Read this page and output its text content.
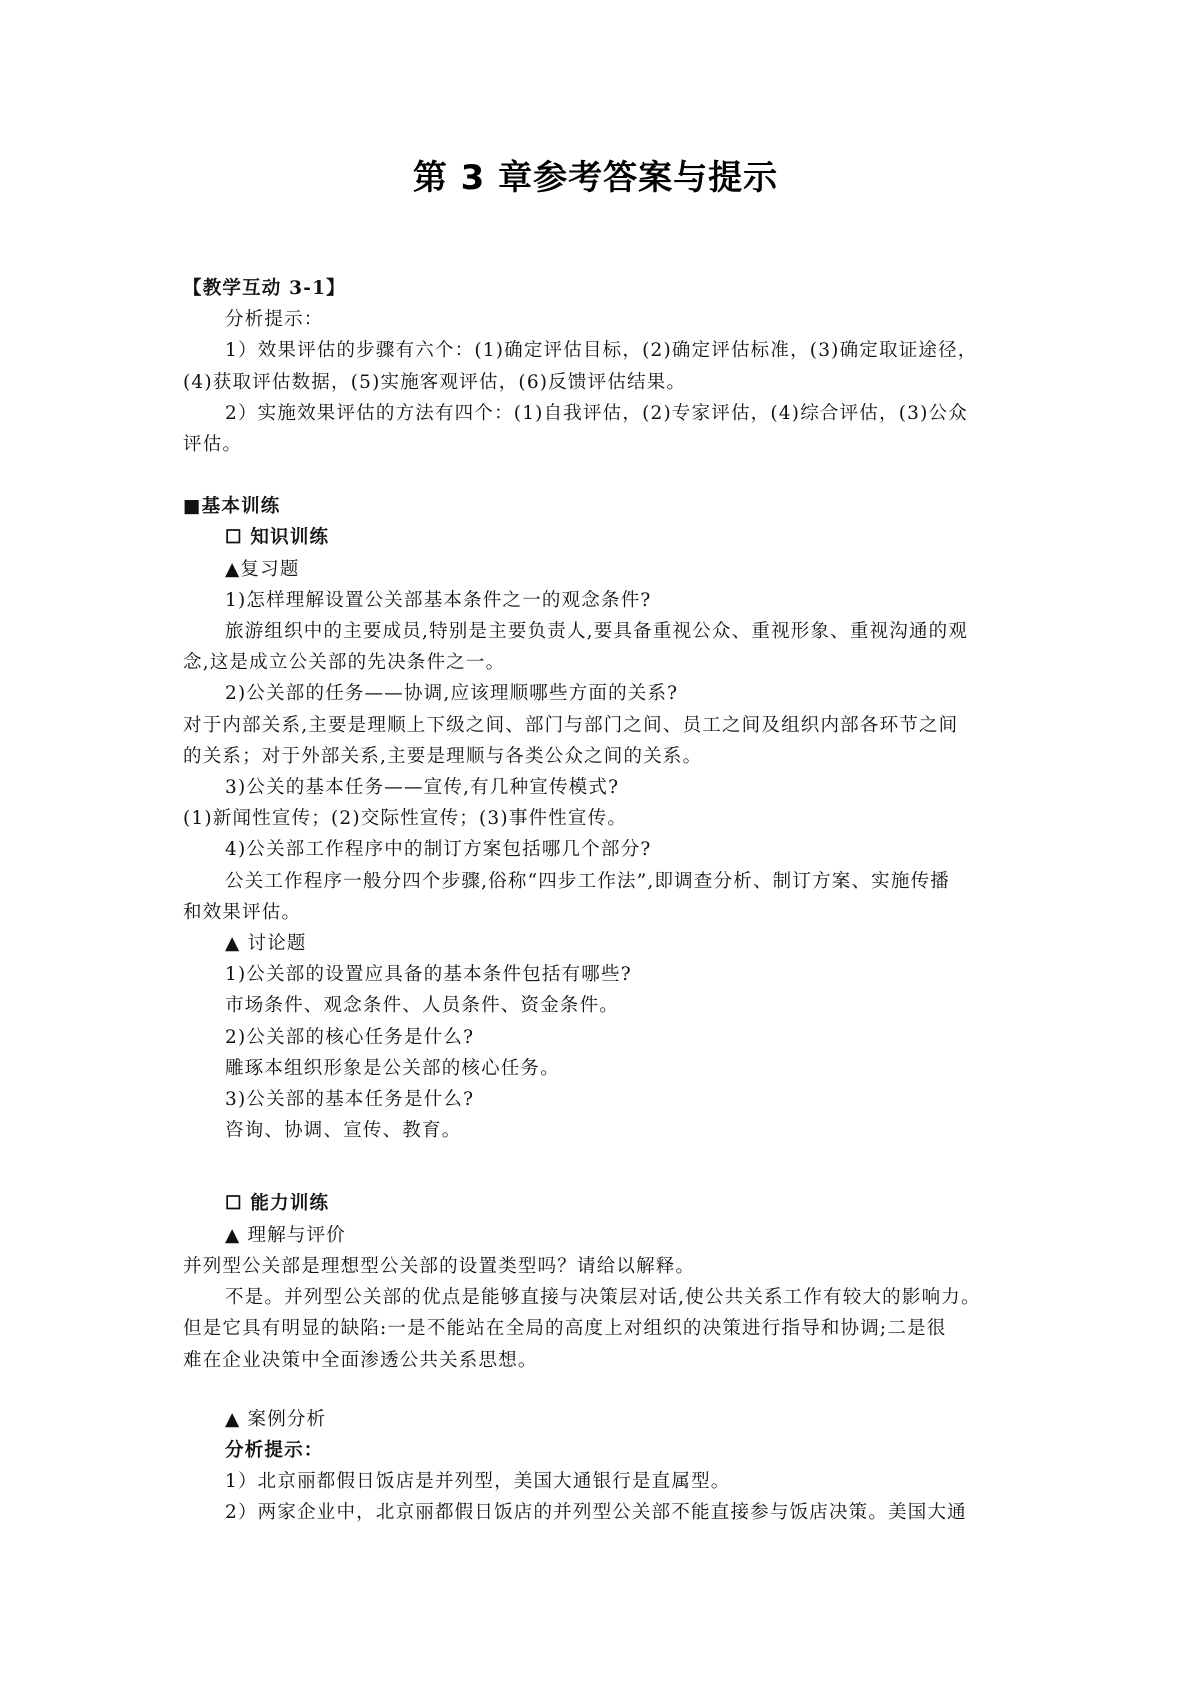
第 3 章参考答案与提示

【教学互动 3-1】

分析提示：

1）效果评估的步骤有六个：(1)确定评估目标，(2)确定评估标准，(3)确定取证途径，

(4)获取评估数据，(5)实施客观评估，(6)反馈评估结果。

2）实施效果评估的方法有四个：(1)自我评估，(2)专家评估，(4)综合评估，(3)公众

评估。

■基本训练

☐ 知识训练

▲复习题

1)怎样理解设置公关部基本条件之一的观念条件?

旅游组织中的主要成员,特别是主要负责人,要具备重视公众、重视形象、重视沟通的观

念,这是成立公关部的先决条件之一。

2)公关部的任务——协调,应该理顺哪些方面的关系?

对于内部关系,主要是理顺上下级之间、部门与部门之间、员工之间及组织内部各环节之间

的关系；对于外部关系,主要是理顺与各类公众之间的关系。

3)公关的基本任务——宣传,有几种宣传模式?

(1)新闻性宣传；(2)交际性宣传；(3)事件性宣传。

4)公关部工作程序中的制订方案包括哪几个部分?

公关工作程序一般分四个步骤,俗称“四步工作法”,即调查分析、制订方案、实施传播

和效果评估。

▲ 讨论题

1)公关部的设置应具备的基本条件包括有哪些?

市场条件、观念条件、人员条件、资金条件。

2)公关部的核心任务是什么?

雕琢本组织形象是公关部的核心任务。

3)公关部的基本任务是什么?

咨询、协调、宣传、教育。

☐ 能力训练

▲ 理解与评价

并列型公关部是理想型公关部的设置类型吗？请给以解释。

不是。并列型公关部的优点是能够直接与决策层对话,使公共关系工作有较大的影响力。

但是它具有明显的缺陷:一是不能站在全局的高度上对组织的决策进行指导和协调;二是很

难在企业决策中全面渗透公共关系思想。

▲ 案例分析

分析提示：

1）北京丽都假日饭店是并列型，美国大通银行是直属型。

2）两家企业中，北京丽都假日饭店的并列型公关部不能直接参与饭店决策。美国大通
